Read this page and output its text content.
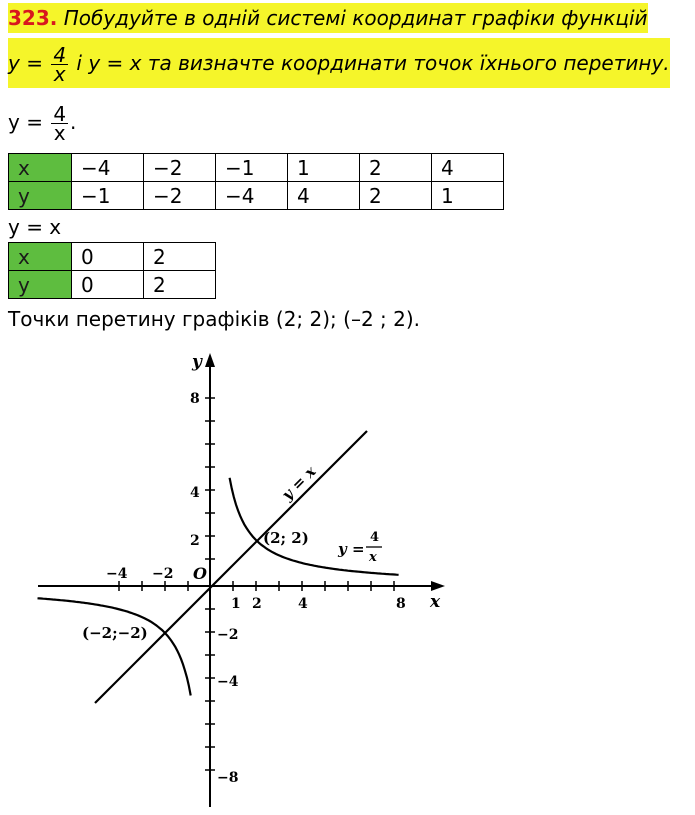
323. Побудуйте в одній системі координат графіки функцій
$y = \frac{4}{x}$ і y = x та визначте координати точок їхнього перетину.
$y = \frac{4}{x}$ .
x	−4	−2	−1	1	2	4
y	−1	−2	−4	4	2	1
y = x
x	0	2
y	0	2
Точки перетину графіків (2; 2); (–2 ; 2).
1 2	4	8
−4 −2 O
x
y
8
4
2
−2
−4
−8
(2; 2)
(−2;−2)
y = x
y =
4
x
